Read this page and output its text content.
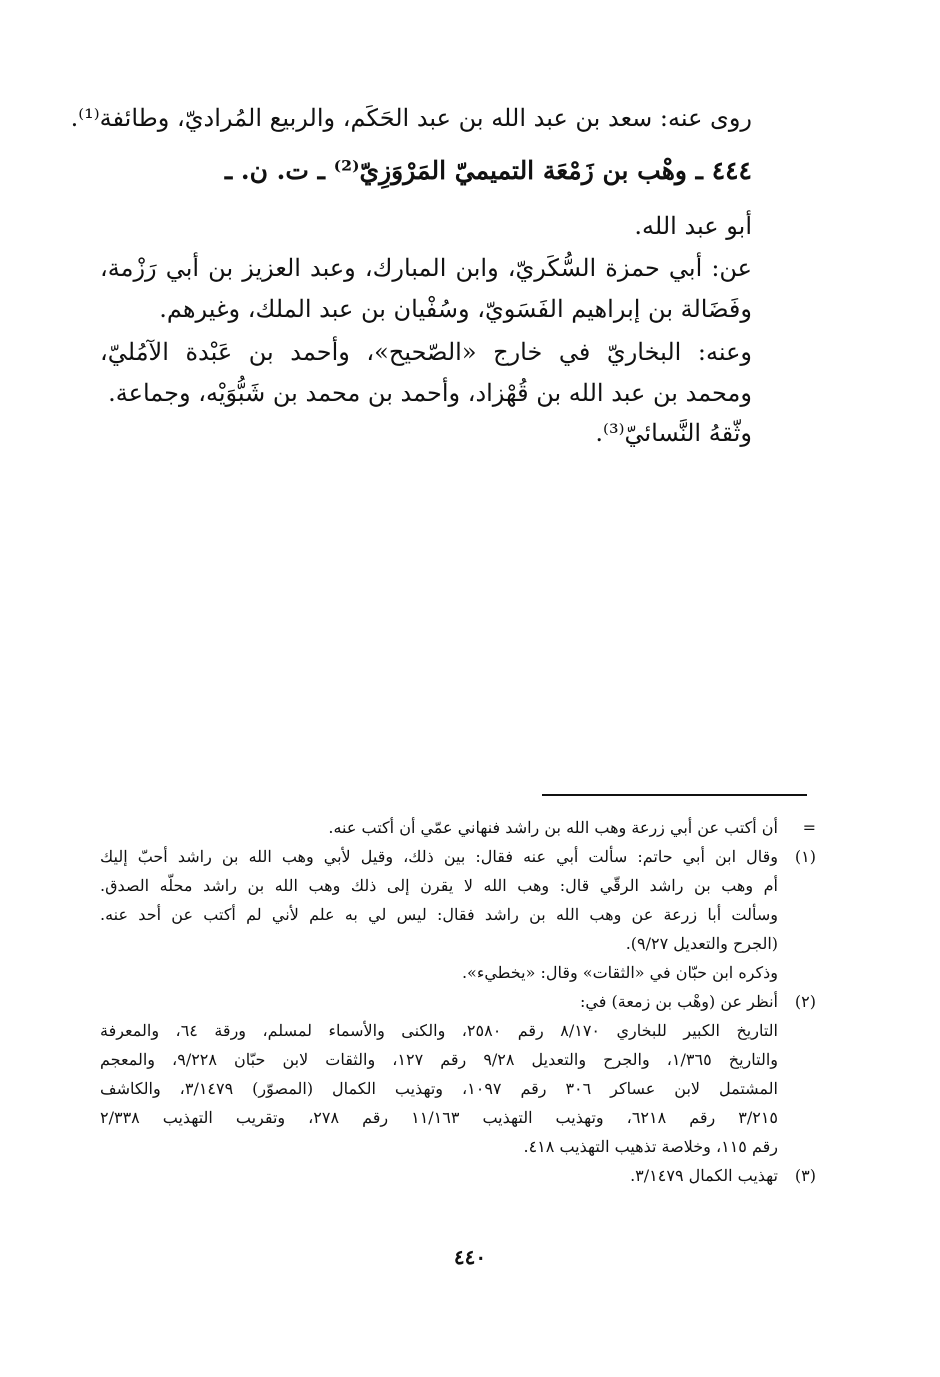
روى عنه: سعد بن عبد الله بن عبد الحَكَم، والربيع المُراديّ، وطائفة⁽¹⁾.

٤٤٤ ـ وهْب بن زَمْعَة التميميّ المَرْوَزِيّ⁽²⁾ ـ ت. ن. ـ

أبو عبد الله.

عن: أبي حمزة السُّكَريّ، وابن المبارك، وعبد العزيز بن أبي رَزْمة،

وفَضَالة بن إبراهيم الفَسَويّ، وسُفْيان بن عبد الملك، وغيرهم.

وعنه: البخاريّ في خارج «الصّحيح»، وأحمد بن عَبْدة الآمُليّ،

ومحمد بن عبد الله بن قُهْزاد، وأحمد بن محمد بن شَبُّوَيْه، وجماعة.

وثّقهُ النَّسائيّ⁽³⁾.

=
أن أكتب عن أبي زرعة وهب الله بن راشد فنهاني عمّي أن أكتب عنه.
(١)
وقال ابن أبي حاتم: سألت أبي عنه فقال: بين ذلك، وقيل لأبي وهب الله بن راشد أحبّ إليك
أم وهب بن راشد الرقّي قال: وهب الله لا يقرن إلى ذلك وهب الله بن راشد محلّه الصدق.
وسألت أبا زرعة عن وهب الله بن راشد فقال: ليس لي به علم لأني لم أكتب عن أحد عنه.
(الجرح والتعديل ٩/٢٧).
وذكره ابن حبّان في «الثقات» وقال: «يخطيء».
(٢)
أنظر عن (وهْب بن زمعة) في:
التاريخ الكبير للبخاري ٨/١٧٠ رقم ٢٥٨٠، والكنى والأسماء لمسلم، ورقة ٦٤، والمعرفة
والتاريخ ١/٣٦٥، والجرح والتعديل ٩/٢٨ رقم ١٢٧، والثقات لابن حبّان ٩/٢٢٨، والمعجم
المشتمل لابن عساكر ٣٠٦ رقم ١٠٩٧، وتهذيب الكمال (المصوّر) ٣/١٤٧٩، والكاشف
٣/٢١٥ رقم ٦٢١٨، وتهذيب التهذيب ١١/١٦٣ رقم ٢٧٨، وتقريب التهذيب ٢/٣٣٨
رقم ١١٥، وخلاصة تذهيب التهذيب ٤١٨.
(٣)
تهذيب الكمال ٣/١٤٧٩.
٤٤٠
